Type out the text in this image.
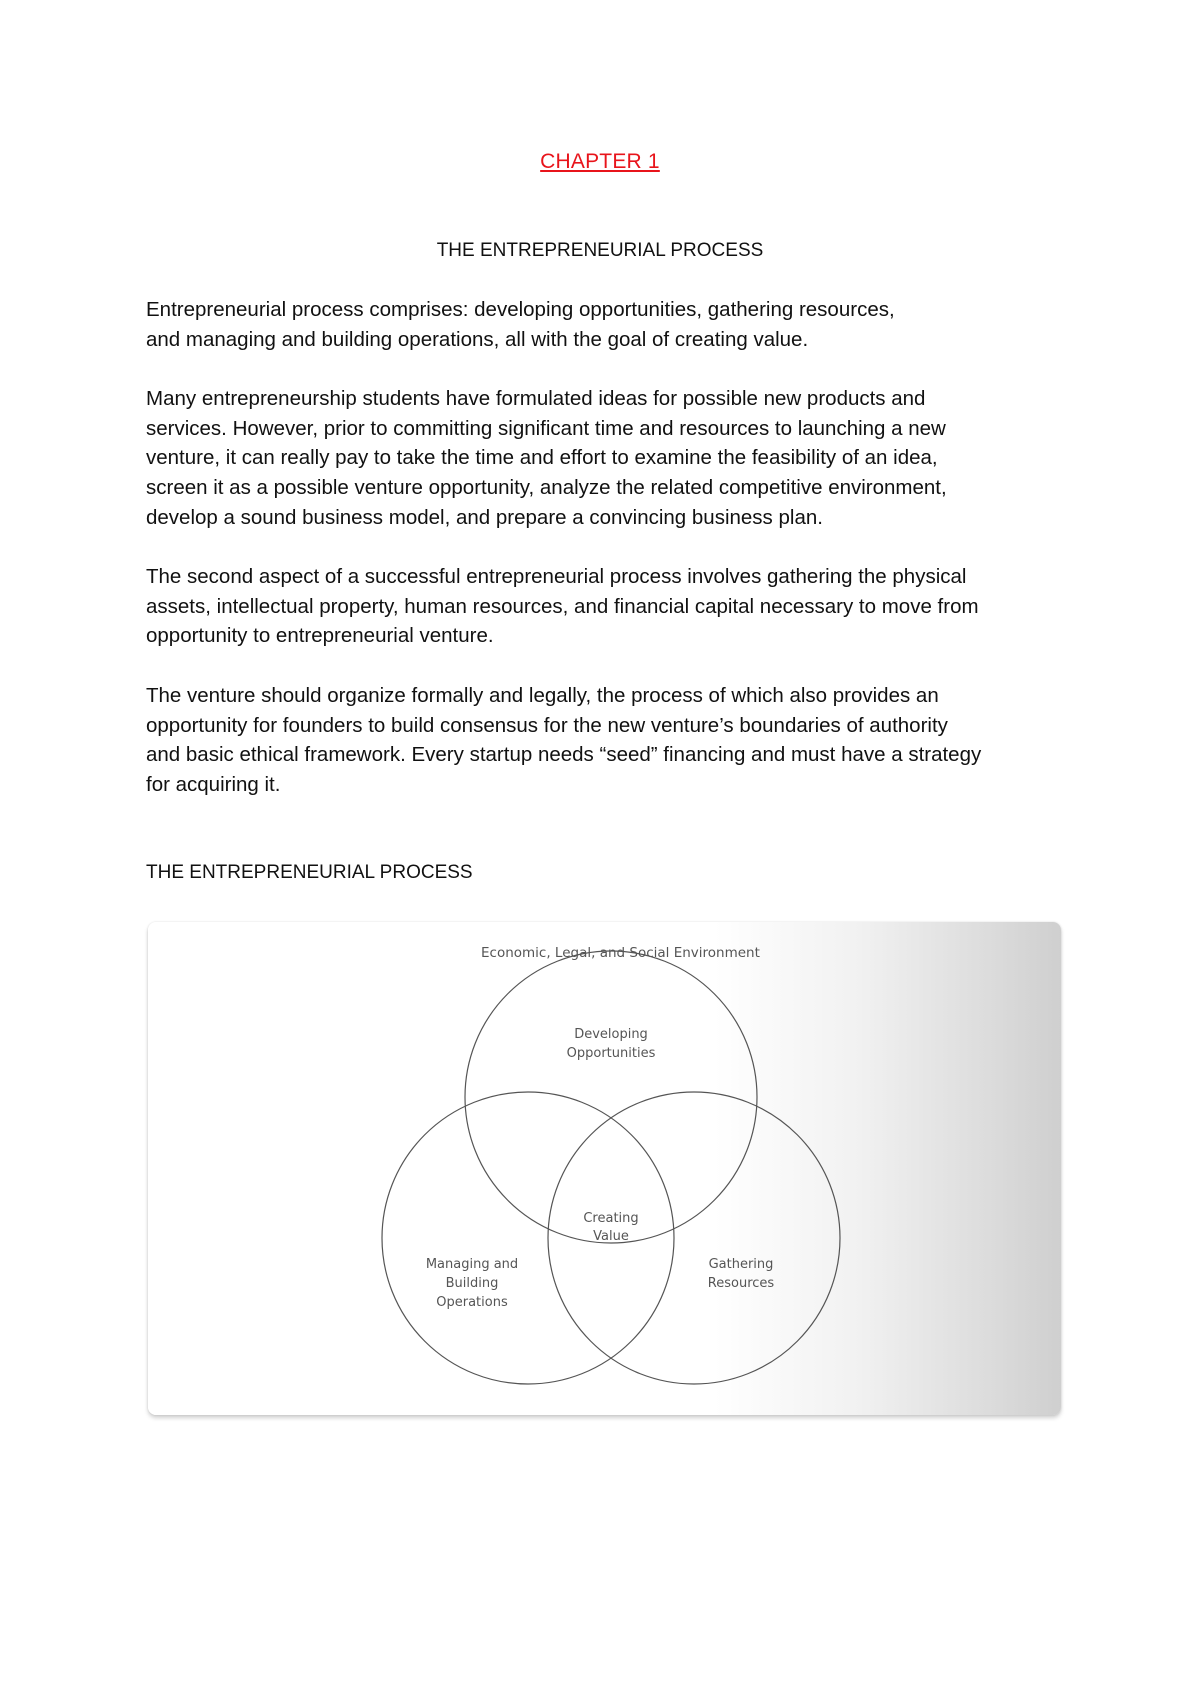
CHAPTER 1
THE ENTREPRENEURIAL PROCESS

Entrepreneurial process comprises: developing opportunities, gathering resources,
and managing and building operations, all with the goal of creating value.

Many entrepreneurship students have formulated ideas for possible new products and
services. However, prior to committing significant time and resources to launching a new
venture, it can really pay to take the time and effort to examine the feasibility of an idea,
screen it as a possible venture opportunity, analyze the related competitive environment,
develop a sound business model, and prepare a convincing business plan.

The second aspect of a successful entrepreneurial process involves gathering the physical
assets, intellectual property, human resources, and financial capital necessary to move from
opportunity to entrepreneurial venture.

The venture should organize formally and legally, the process of which also provides an
opportunity for founders to build consensus for the new venture’s boundaries of authority
and basic ethical framework. Every startup needs “seed” financing and must have a strategy
for acquiring it.

THE ENTREPRENEURIAL PROCESS
Economic, Legal, and Social Environment
Developing
Opportunities
Creating
Value
Managing and
Building
Operations
Gathering
Resources
